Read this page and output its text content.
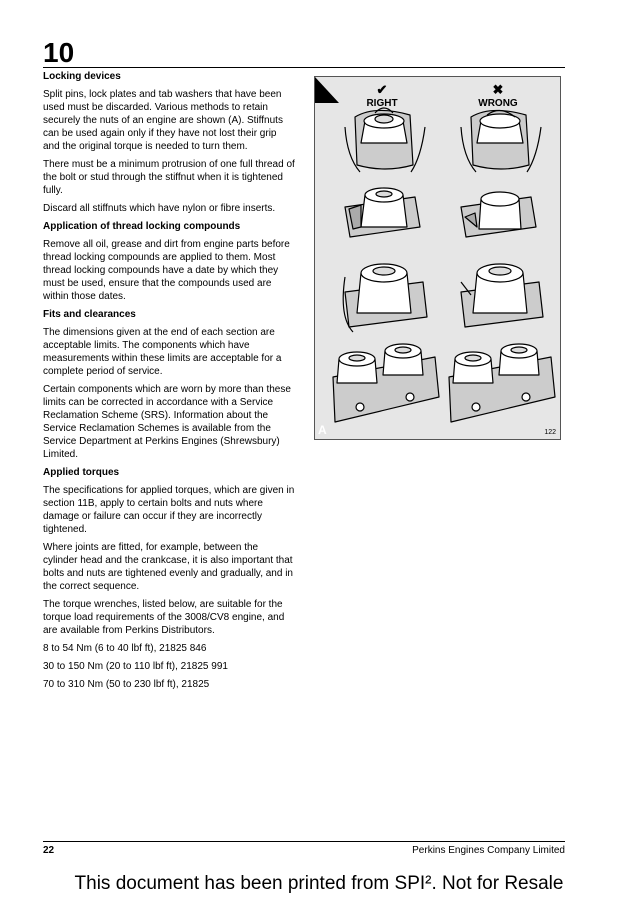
10
Locking devices

Split pins, lock plates and tab washers that have been used must be discarded. Various methods to retain securely the nuts of an engine are shown (A). Stiffnuts can be used again only if they have not lost their grip and the original torque is needed to turn them.

There must be a minimum protrusion of one full thread of the bolt or stud through the stiffnut when it is tightened fully.

Discard all stiffnuts which have nylon or fibre inserts.

Application of thread locking compounds

Remove all oil, grease and dirt from engine parts before thread locking compounds are applied to them. Most thread locking compounds have a date by which they must be used, ensure that the compounds used are within those dates.

Fits and clearances

The dimensions given at the end of each section are acceptable limits. The components which have measurements within these limits are acceptable for a complete period of service.

Certain components which are worn by more than these limits can be corrected in accordance with a Service Reclamation Scheme (SRS). Information about the Service Reclamation Schemes is available from the Service Department at Perkins Engines (Shrewsbury) Limited.

Applied torques

The specifications for applied torques, which are given in section 11B, apply to certain bolts and nuts where damage or failure can occur if they are incorrectly tightened.

Where joints are fitted, for example, between the cylinder head and the crankcase, it is also important that bolts and nuts are tightened evenly and gradually, and in the correct sequence.

The torque wrenches, listed below, are suitable for the torque load requirements of the 3008/CV8 engine, and are available from Perkins Distributors.

8 to 54 Nm (6 to 40 lbf ft), 21825 846

30 to 150 Nm (20 to 110 lbf ft), 21825 991

70 to 310 Nm (50 to 230 lbf ft), 21825

✔
RIGHT
✖
WRONG
A	122
22	Perkins Engines Company Limited
This document has been printed from SPI². Not for Resale
